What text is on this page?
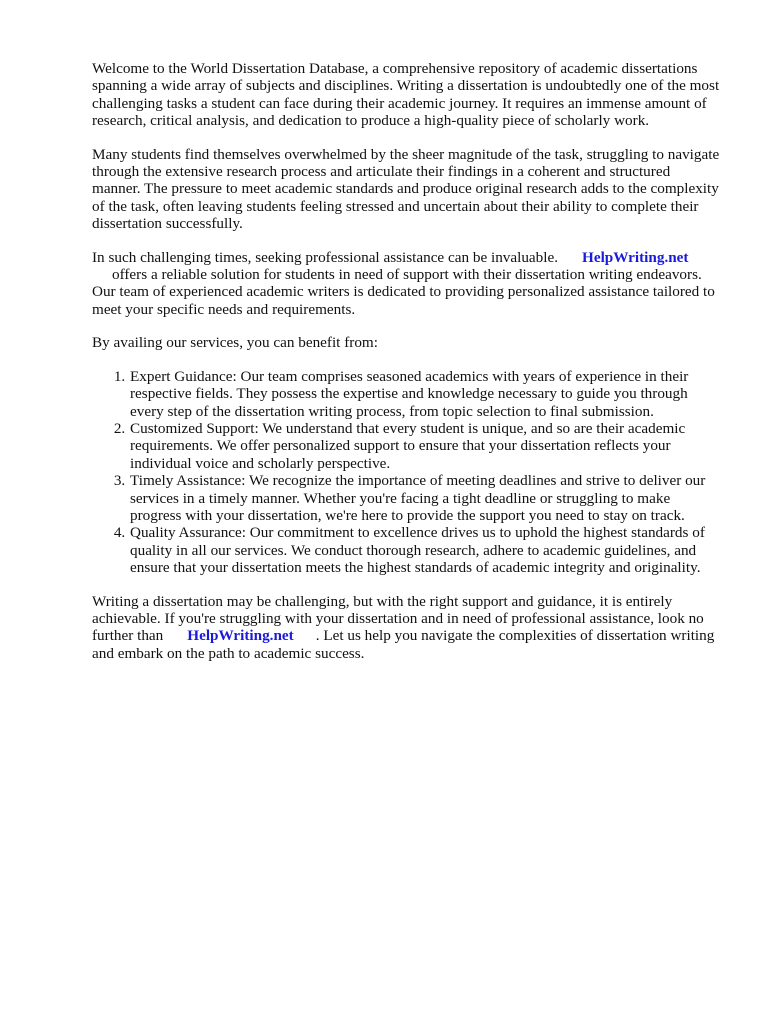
Welcome to the World Dissertation Database, a comprehensive repository of academic dissertations spanning a wide array of subjects and disciplines. Writing a dissertation is undoubtedly one of the most challenging tasks a student can face during their academic journey. It requires an immense amount of research, critical analysis, and dedication to produce a high-quality piece of scholarly work.

Many students find themselves overwhelmed by the sheer magnitude of the task, struggling to navigate through the extensive research process and articulate their findings in a coherent and structured manner. The pressure to meet academic standards and produce original research adds to the complexity of the task, often leaving students feeling stressed and uncertain about their ability to complete their dissertation successfully.

In such challenging times, seeking professional assistance can be invaluable. HelpWriting.net
offers a reliable solution for students in need of support with their dissertation writing endeavors. Our team of experienced academic writers is dedicated to providing personalized assistance tailored to meet your specific needs and requirements.

By availing our services, you can benefit from:

1. Expert Guidance: Our team comprises seasoned academics with years of experience in their respective fields. They possess the expertise and knowledge necessary to guide you through every step of the dissertation writing process, from topic selection to final submission.
2. Customized Support: We understand that every student is unique, and so are their academic requirements. We offer personalized support to ensure that your dissertation reflects your individual voice and scholarly perspective.
3. Timely Assistance: We recognize the importance of meeting deadlines and strive to deliver our services in a timely manner. Whether you're facing a tight deadline or struggling to make progress with your dissertation, we're here to provide the support you need to stay on track.
4. Quality Assurance: Our commitment to excellence drives us to uphold the highest standards of quality in all our services. We conduct thorough research, adhere to academic guidelines, and ensure that your dissertation meets the highest standards of academic integrity and originality.

Writing a dissertation may be challenging, but with the right support and guidance, it is entirely achievable. If you're struggling with your dissertation and in need of professional assistance, look no further than HelpWriting.net . Let us help you navigate the complexities of dissertation writing and embark on the path to academic success.
